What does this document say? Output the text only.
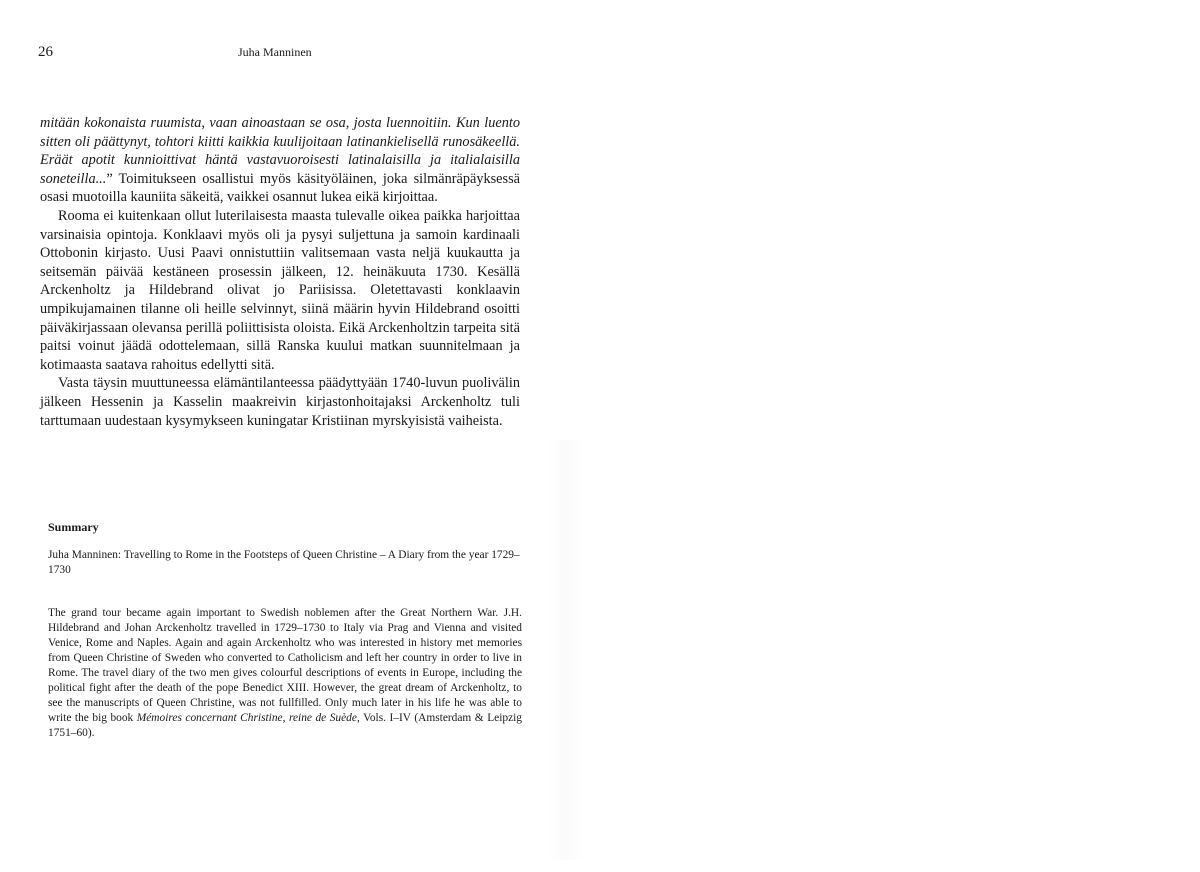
26	Juha Manninen

mitään kokonaista ruumista, vaan ainoastaan se osa, josta luennoitiin. Kun luento sitten oli päättynyt, tohtori kiitti kaikkia kuulijoitaan latinankielisellä runosäkeellä. Eräät apotit kunnioittivat häntä vastavuoroisesti latinalaisilla ja italialaisilla soneteilla...” Toimitukseen osallistui myös käsityöläinen, joka silmänräpäyksessä osasi muotoilla kauniita säkeitä, vaikkei osannut lukea eikä kirjoittaa.

Rooma ei kuitenkaan ollut luterilaisesta maasta tulevalle oikea paikka harjoittaa varsinaisia opintoja. Konklaavi myös oli ja pysyi suljettuna ja samoin kardinaali Ottobonin kirjasto. Uusi Paavi onnistuttiin valitsemaan vasta neljä kuukautta ja seitsemän päivää kestäneen prosessin jälkeen, 12. heinäkuuta 1730. Kesällä Arckenholtz ja Hildebrand olivat jo Pariisissa. Oletettavasti konklaavin umpikujamainen tilanne oli heille selvinnyt, siinä määrin hyvin Hildebrand osoitti päiväkirjassaan olevansa perillä poliittisista oloista. Eikä Arckenholtzin tarpeita sitä paitsi voinut jäädä odottelemaan, sillä Ranska kuului matkan suunnitelmaan ja kotimaasta saatava rahoitus edellytti sitä.

Vasta täysin muuttuneessa elämäntilanteessa päädyttyään 1740-luvun puolivälin jälkeen Hessenin ja Kasselin maakreivin kirjastonhoitajaksi Arckenholtz tuli tarttumaan uudestaan kysymykseen kuningatar Kristiinan myrskyisistä vaiheista.

Summary
Juha Manninen: Travelling to Rome in the Footsteps of Queen Christine – A Diary from the year 1729–1730
The grand tour became again important to Swedish noblemen after the Great Northern War. J.H. Hildebrand and Johan Arckenholtz travelled in 1729–1730 to Italy via Prag and Vienna and visited Venice, Rome and Naples. Again and again Arckenholtz who was interested in history met memories from Queen Christine of Sweden who converted to Catholicism and left her country in order to live in Rome. The travel diary of the two men gives colourful descriptions of events in Europe, including the political fight after the death of the pope Benedict XIII. However, the great dream of Arckenholtz, to see the manuscripts of Queen Christine, was not fullfilled. Only much later in his life he was able to write the big book Mémoires concernant Christine, reine de Suède, Vols. I–IV (Amsterdam & Leipzig 1751–60).
